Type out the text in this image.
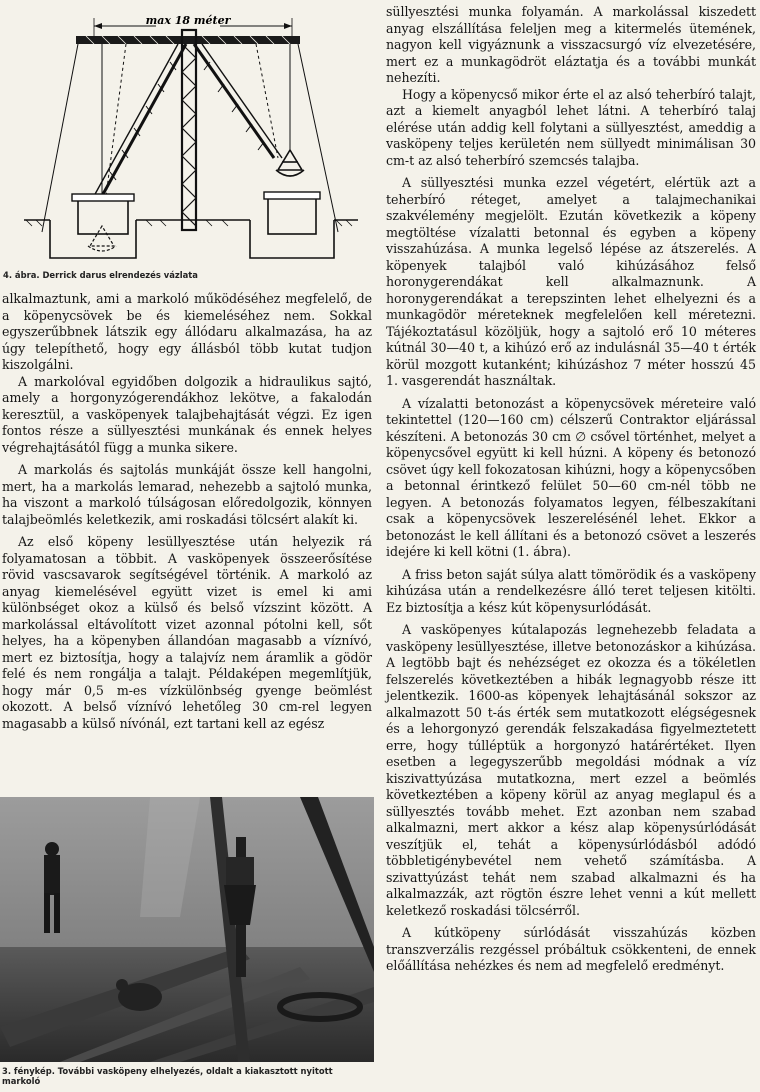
max 18 méter
4. ábra. Derrick darus elrendezés vázlata

alkalmaztunk, ami a markoló működéséhez megfelelő, de a köpenycsövek be és kiemeléséhez nem. Sokkal egyszerűbbnek látszik egy állódaru alkalmazása, ha az úgy telepíthető, hogy egy állásból több kutat tudjon kiszolgálni.

A markolóval egyidőben dolgozik a hidraulikus sajtó, amely a horgonyzógerendákhoz lekötve, a fakalodán keresztül, a vasköpenyek talajbehajtását végzi. Ez igen fontos része a süllyesztési munkának és ennek helyes végrehajtásától függ a munka sikere.

A markolás és sajtolás munkáját össze kell hangolni, mert, ha a markolás lemarad, nehezebb a sajtoló munka, ha viszont a markoló túlságosan előredolgozik, könnyen talajbeömlés keletkezik, ami roskadási tölcsért alakít ki.

Az első köpeny lesüllyesztése után helyezik rá folyamatosan a többit. A vasköpenyek összeerősítése rövid vascsavarok segítségével történik. A markoló az anyag kiemelésével együtt vizet is emel ki ami különbséget okoz a külső és belső vízszint között. A markolással eltávolított vizet azonnal pótolni kell, sőt helyes, ha a köpenyben állandóan magasabb a víznívó, mert ez biztosítja, hogy a talajvíz nem áramlik a gödör felé és nem rongálja a talajt. Példaképen megemlítjük, hogy már 0,5 m-es vízkülönbség gyenge beömlést okozott. A belső víznívó lehetőleg 30 cm-rel legyen magasabb a külső nívónál, ezt tartani kell az egész

3. fénykép. További vasköpeny elhelyezés, oldalt a kiakasztott nyitott markoló

süllyesztési munka folyamán. A markolással kiszedett anyag elszállítása feleljen meg a kitermelés ütemének, nagyon kell vigyáznunk a visszacsurgó víz elvezetésére, mert ez a munkagödröt eláztatja és a további munkát nehezíti.

Hogy a köpenycső mikor érte el az alsó teherbíró talajt, azt a kiemelt anyagból lehet látni. A teherbíró talaj elérése után addig kell folytani a süllyesztést, ameddig a vasköpeny teljes kerületén nem süllyedt minimálisan 30 cm-t az alsó teherbíró szemcsés talajba.

A süllyesztési munka ezzel végetért, elértük azt a teherbíró réteget, amelyet a talajmechanikai szakvélemény megjelölt. Ezután következik a köpeny megtöltése vízalatti betonnal és egyben a köpeny visszahúzása. A munka legelső lépése az átszerelés. A köpenyek talajból való kihúzásához felső horonygerendákat kell alkalmaznunk. A horonygerendákat a terepszinten lehet elhelyezni és a munkagödör méreteknek megfelelően kell méretezni. Tájékoztatásul közöljük, hogy a sajtoló erő 10 méteres kútnál 30—40 t, a kihúzó erő az indulásnál 35—40 t érték körül mozgott kutanként; kihúzáshoz 7 méter hosszú 45 1. vasgerendát használtak.

A vízalatti betonozást a köpenycsövek méreteire való tekintettel (120—160 cm) célszerű Contraktor eljárással készíteni. A betonozás 30 cm ∅ csővel történhet, melyet a köpenycsővel együtt ki kell húzni. A köpeny és betonozó csövet úgy kell fokozatosan kihúzni, hogy a köpenycsőben a betonnal érintkező felület 50—60 cm-nél több ne legyen. A betonozás folyamatos legyen, félbeszakítani csak a köpenycsövek leszerelésénél lehet. Ekkor a betonozást le kell állítani és a betonozó csövet a leszerés idejére ki kell kötni (1. ábra).

A friss beton saját súlya alatt tömörödik és a vasköpeny kihúzása után a rendelkezésre álló teret teljesen kitölti. Ez biztosítja a kész kút köpenysurlódását.

A vasköpenyes kútalapozás legnehezebb feladata a vasköpeny lesüllyesztése, illetve betonozáskor a kihúzása. A legtöbb bajt és nehézséget ez okozza és a tökéletlen felszerelés következtében a hibák legnagyobb része itt jelentkezik. 1600-as köpenyek lehajtásánál sokszor az alkalmazott 50 t-ás érték sem mutatkozott elégségesnek és a lehorgonyzó gerendák felszakadása figyelmeztetett erre, hogy túlléptük a horgonyzó határértéket. Ilyen esetben a legegyszerűbb megoldási módnak a víz kiszivattyúzása mutatkozna, mert ezzel a beömlés következtében a köpeny körül az anyag meglapul és a süllyesztés tovább mehet. Ezt azonban nem szabad alkalmazni, mert akkor a kész alap köpenysúrlódását veszítjük el, tehát a köpenysúrlódásból adódó többletigénybevétel nem vehető számításba. A szivattyúzást tehát nem szabad alkalmazni és ha alkalmazzák, azt rögtön észre lehet venni a kút mellett keletkező roskadási tölcsérről.

A kútköpeny súrlódását visszahúzás közben transzverzális rezgéssel próbáltuk csökkenteni, de ennek előállítása nehézkes és nem ad megfelelő eredményt.
